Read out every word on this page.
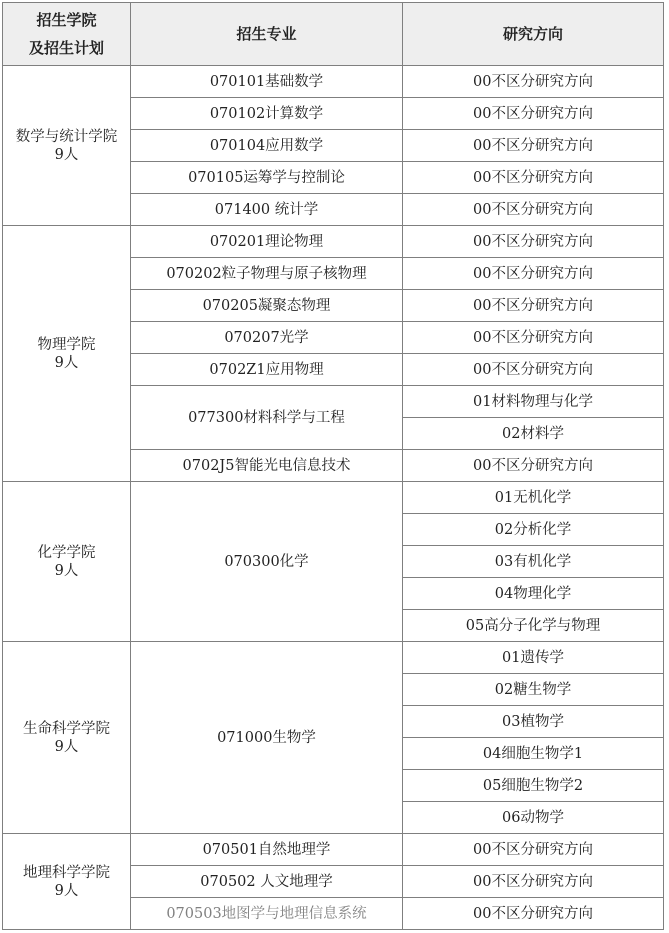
招生学院
及招生计划	招生专业	研究方向

数学与统计学院
9人	070101基础数学	00不区分研究方向
	070102计算数学	00不区分研究方向
	070104应用数学	00不区分研究方向
	070105运筹学与控制论	00不区分研究方向
	071400 统计学	00不区分研究方向

物理学院
9人	070201理论物理	00不区分研究方向
	070202粒子物理与原子核物理	00不区分研究方向
	070205凝聚态物理	00不区分研究方向
	070207光学	00不区分研究方向
	0702Z1应用物理	00不区分研究方向
	077300材料科学与工程	01材料物理与化学
		02材料学
	0702J5智能光电信息技术	00不区分研究方向

化学学院
9人	070300化学	01无机化学
		02分析化学
		03有机化学
		04物理化学
		05高分子化学与物理

生命科学学院
9人	071000生物学	01遗传学
		02糖生物学
		03植物学
		04细胞生物学1
		05细胞生物学2
		06动物学

地理科学学院
9人	070501自然地理学	00不区分研究方向
	070502 人文地理学	00不区分研究方向
	070503地图学与地理信息系统	00不区分研究方向
